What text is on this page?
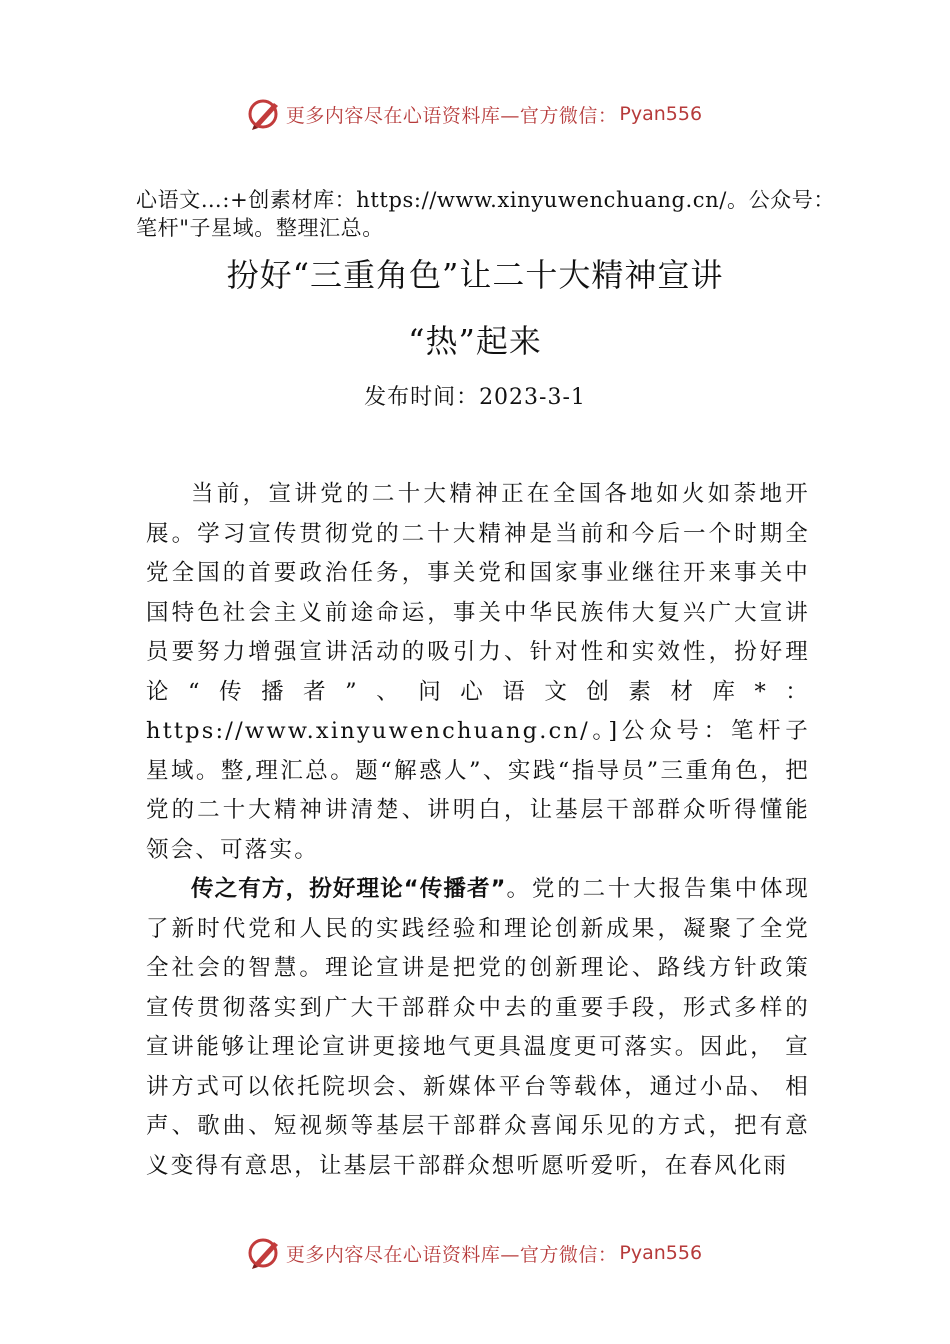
更多内容尽在心语资料库—官方微信： Pyan556
心语文…:+创素材库：https://www.xinyuwenchuang.cn/。公众号：笔杆"子星域。整理汇总。
扮好“三重角色”让二十大精神宣讲
“热”起来
发布时间：2023-3-1

当前，宣讲党的二十大精神正在全国各地如火如荼地开展。学习宣传贯彻党的二十大精神是当前和今后一个时期全党全国的首要政治任务，事关党和国家事业继往开来事关中国特色社会主义前途命运，事关中华民族伟大复兴广大宣讲员要努力增强宣讲活动的吸引力、针对性和实效性，扮好理论“传播者”、问心语文创素材库*：https://www.xinyuwenchuang.cn/。]公众号：笔杆子星域。整,理汇总。题“解惑人”、实践“指导员”三重角色，把党的二十大精神讲清楚、讲明白，让基层干部群众听得懂能领会、可落实。

传之有方，扮好理论“传播者”。党的二十大报告集中体现了新时代党和人民的实践经验和理论创新成果，凝聚了全党全社会的智慧。理论宣讲是把党的创新理论、路线方针政策宣传贯彻落实到广大干部群众中去的重要手段，形式多样的宣讲能够让理论宣讲更接地气更具温度更可落实。因此， 宣讲方式可以依托院坝会、新媒体平台等载体，通过小品、 相声、歌曲、短视频等基层干部群众喜闻乐见的方式，把有意义变得有意思，让基层干部群众想听愿听爱听，在春风化雨

更多内容尽在心语资料库—官方微信： Pyan556
